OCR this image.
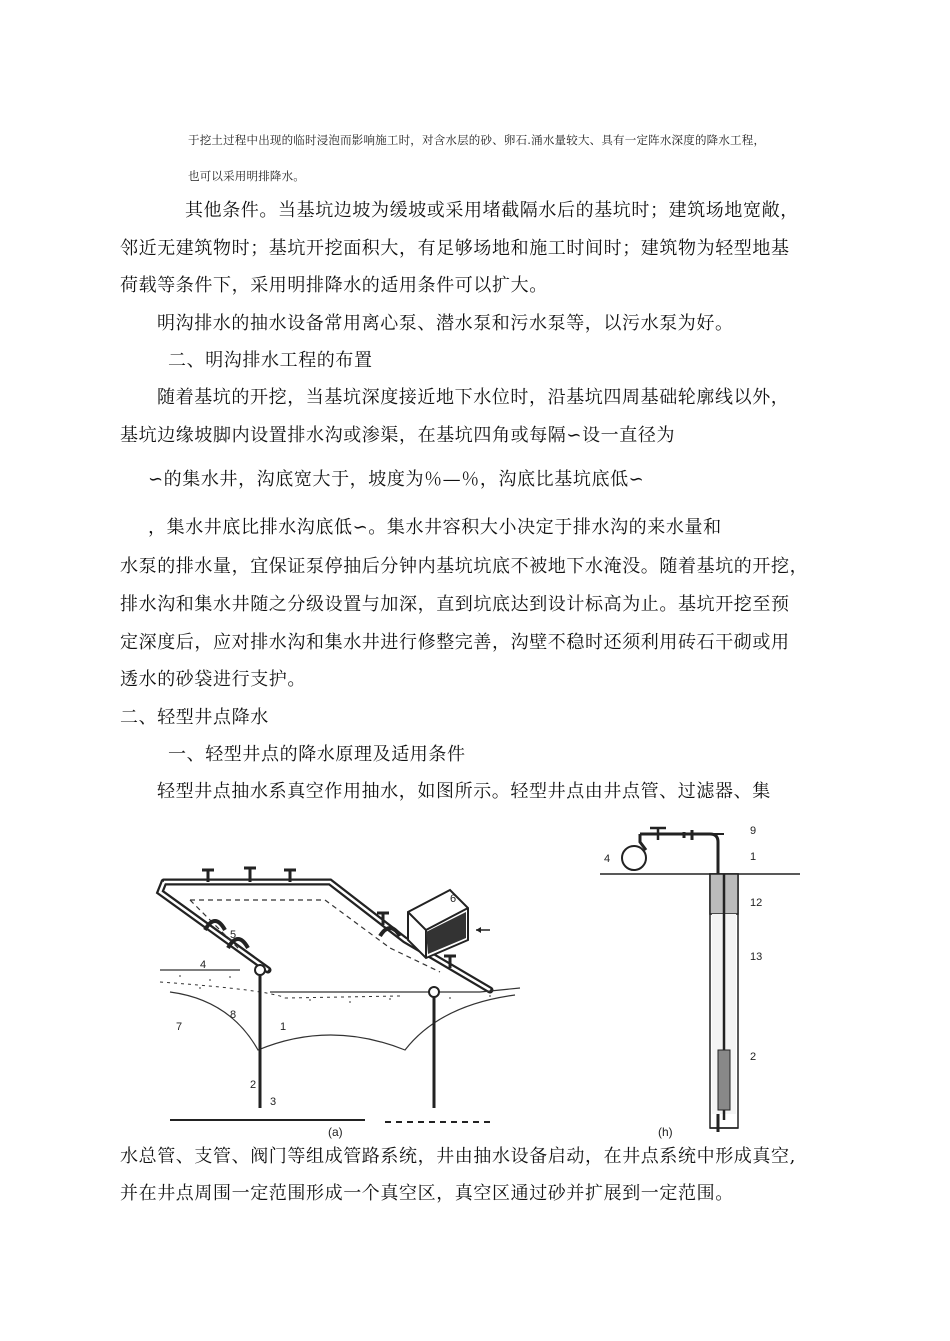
于挖土过程中出现的临时浸泡而影响施工时，对含水层的砂、卵石.涌水量较大、具有一定阵水深度的降水工程，
也可以采用明排降水。
其他条件。当基坑边坡为缓坡或采用堵截隔水后的基坑时；建筑场地宽敞，
邻近无建筑物时；基坑开挖面积大，有足够场地和施工时间时；建筑物为轻型地基
荷载等条件下，采用明排降水的适用条件可以扩大。
明沟排水的抽水设备常用离心泵、潜水泵和污水泵等，以污水泵为好。
二、明沟排水工程的布置
随着基坑的开挖，当基坑深度接近地下水位时，沿基坑四周基础轮廓线以外，
基坑边缘坡脚内设置排水沟或渗渠，在基坑四角或每隔∽设一直径为
∽的集水井，沟底宽大于，坡度为％—％，沟底比基坑底低∽
，集水井底比排水沟底低∽。集水井容积大小决定于排水沟的来水量和
水泵的排水量，宜保证泵停抽后分钟内基坑坑底不被地下水淹没。随着基坑的开挖，
排水沟和集水井随之分级设置与加深，直到坑底达到设计标高为止。基坑开挖至预
定深度后，应对排水沟和集水井进行修整完善，沟壁不稳时还须利用砖石干砌或用
透水的砂袋进行支护。
二、轻型井点降水
一、轻型井点的降水原理及适用条件
轻型井点抽水系真空作用抽水，如图所示。轻型井点由井点管、过滤器、集
4
5
6
7
8
1
2
3
(a)
4
9
1
12
13
2
(h)
水总管、支管、阀门等组成管路系统，井由抽水设备启动，在井点系统中形成真空,
并在井点周围一定范围形成一个真空区，真空区通过砂并扩展到一定范围。
